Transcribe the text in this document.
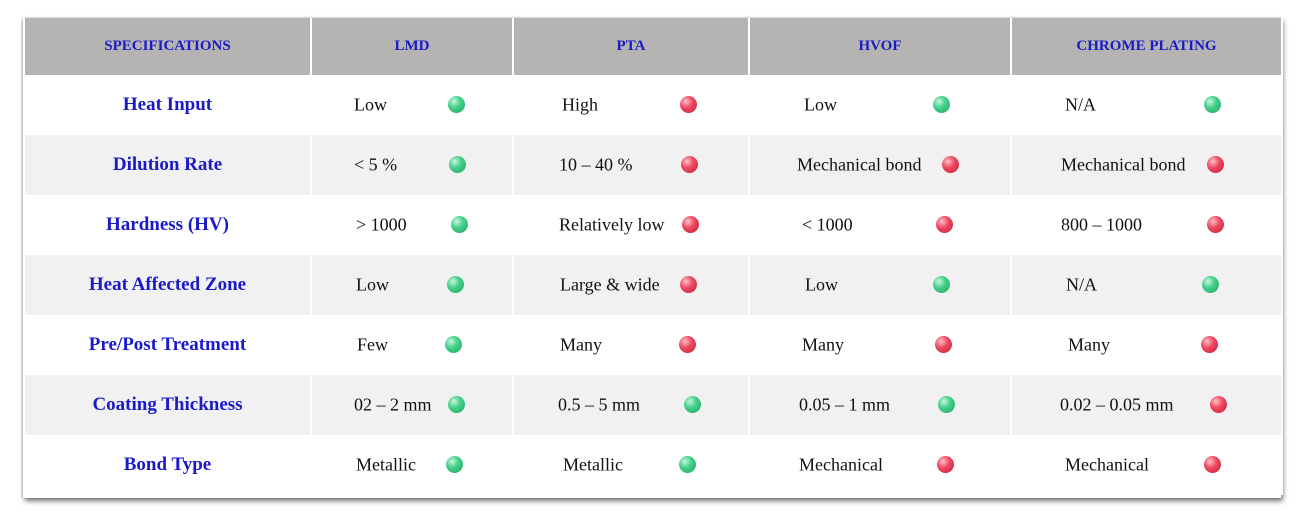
SPECIFICATIONS	LMD	PTA	HVOF	CHROME PLATING
Heat Input	Low	High	Low	N/A

Dilution Rate	< 5 %	10 – 40 %	Mechanical bond	Mechanical bond

Hardness (HV)	> 1000	Relatively low	< 1000	800 – 1000

Heat Affected Zone	Low	Large & wide	Low	N/A

Pre/Post Treatment	Few	Many	Many	Many

Coating Thickness	02 – 2 mm	0.5 – 5 mm	0.05 – 1 mm	0.02 – 0.05 mm

Bond Type	Metallic	Metallic	Mechanical	Mechanical
